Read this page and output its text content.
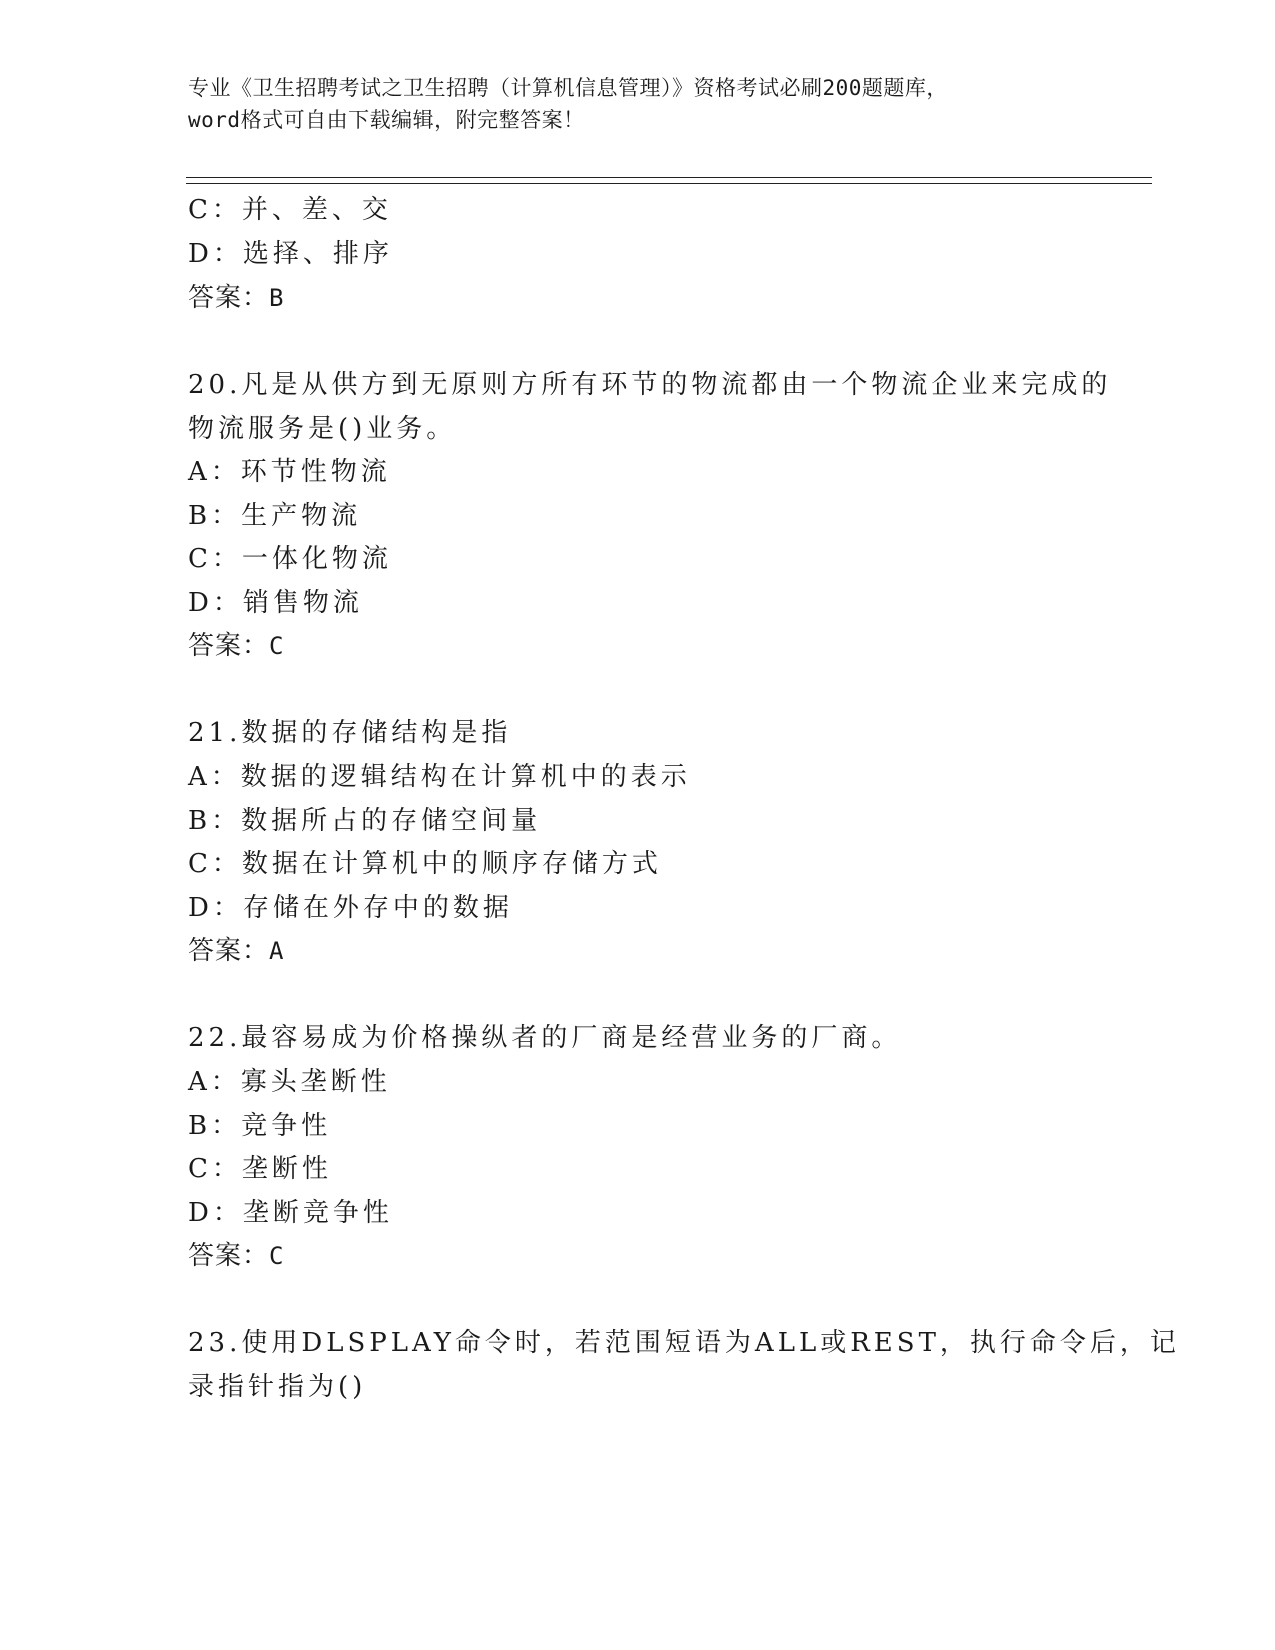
专业《卫生招聘考试之卫生招聘（计算机信息管理）》资格考试必刷200题题库，
word格式可自由下载编辑，附完整答案！
C：并、差、交
D：选择、排序
答案：B
20.凡是从供方到无原则方所有环节的物流都由一个物流企业来完成的
物流服务是()业务。
A：环节性物流
B：生产物流
C：一体化物流
D：销售物流
答案：C
21.数据的存储结构是指
A：数据的逻辑结构在计算机中的表示
B：数据所占的存储空间量
C：数据在计算机中的顺序存储方式
D：存储在外存中的数据
答案：A
22.最容易成为价格操纵者的厂商是经营业务的厂商。
A：寡头垄断性
B：竞争性
C：垄断性
D：垄断竞争性
答案：C
23.使用DLSPLAY命令时，若范围短语为ALL或REST，执行命令后，记
录指针指为()
